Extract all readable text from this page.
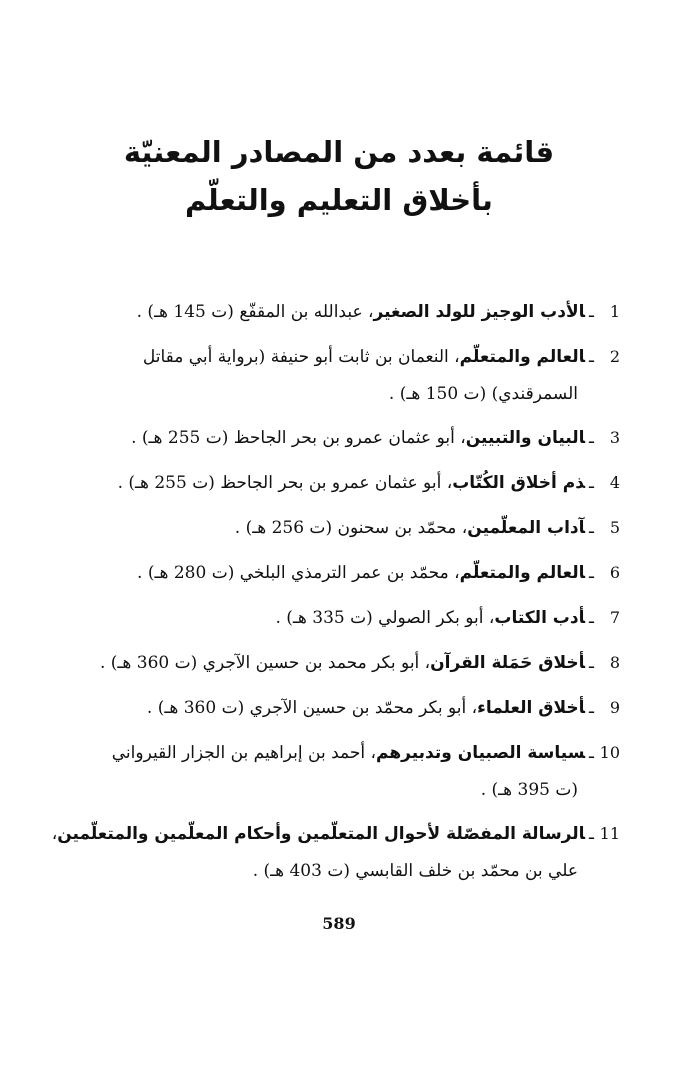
قائمة بعدد من المصادر المعنيّة
بأخلاق التعليم والتعلّم
1ـالأدب الوجيز للولد الصغير، عبدالله بن المقفّع (ت 145 هـ) .
2ـالعالم والمتعلّم، النعمان بن ثابت أبو حنيفة (برواية أبي مقاتل
السمرقندي) (ت 150 هـ) .
3ـالبيان والتبيين، أبو عثمان عمرو بن بحر الجاحظ (ت 255 هـ) .
4ـذم أخلاق الكُتّاب، أبو عثمان عمرو بن بحر الجاحظ (ت 255 هـ) .
5ـآداب المعلّمين، محمّد بن سحنون (ت 256 هـ) .
6ـالعالم والمتعلّم، محمّد بن عمر الترمذي البلخي (ت 280 هـ) .
7ـأدب الكتاب، أبو بكر الصولي (ت 335 هـ) .
8ـأخلاق حَمَلة القرآن، أبو بكر محمد بن حسين الآجري (ت 360 هـ) .
9ـأخلاق العلماء، أبو بكر محمّد بن حسين الآجري (ت 360 هـ) .
10ـسياسة الصبيان وتدبيرهم، أحمد بن إبراهيم بن الجزار القيرواني
(ت 395 هـ) .
11ـالرسالة المفصّلة لأحوال المتعلّمين وأحكام المعلّمين والمتعلّمين،
علي بن محمّد بن خلف القابسي (ت 403 هـ) .
589
